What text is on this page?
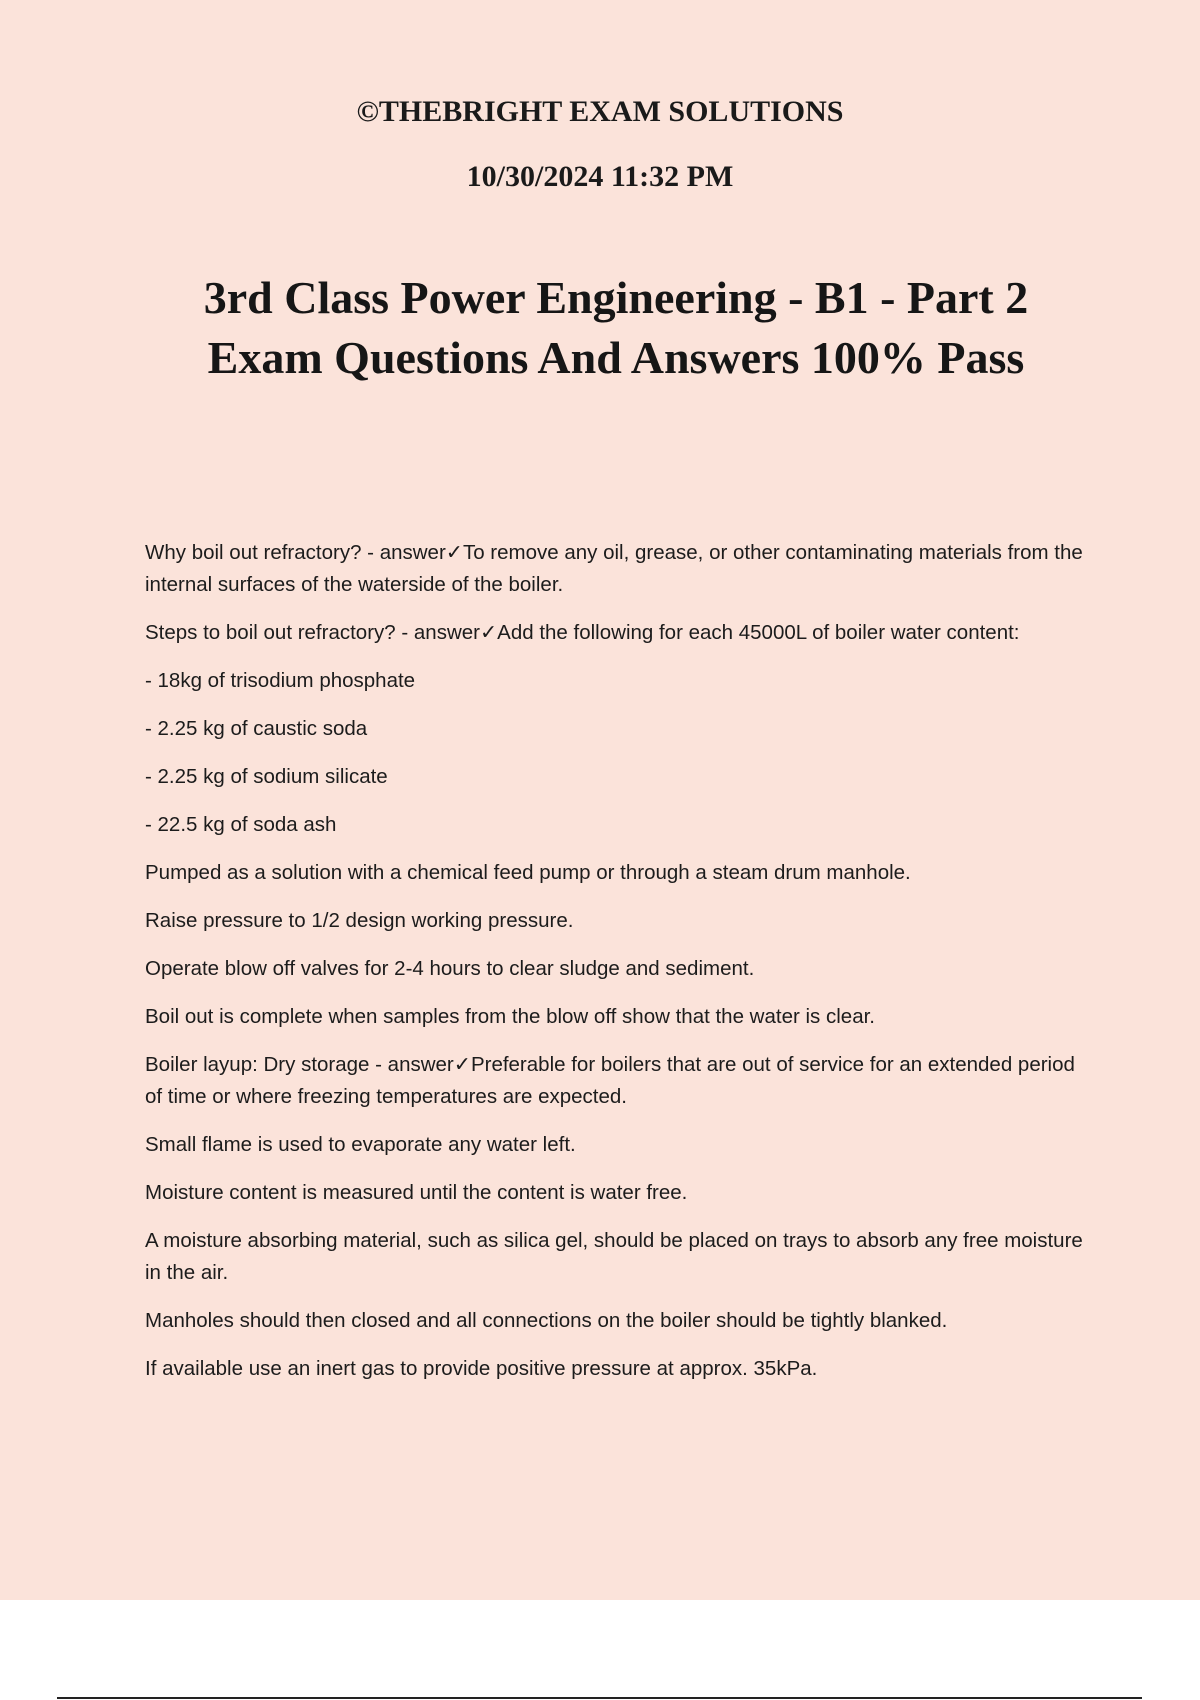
©THEBRIGHT EXAM SOLUTIONS
10/30/2024 11:32 PM
3rd Class Power Engineering - B1 - Part 2
Exam Questions And Answers 100% Pass

Why boil out refractory? - answer✓To remove any oil, grease, or other contaminating materials from the internal surfaces of the waterside of the boiler.

Steps to boil out refractory? - answer✓Add the following for each 45000L of boiler water content:

- 18kg of trisodium phosphate

- 2.25 kg of caustic soda

- 2.25 kg of sodium silicate

- 22.5 kg of soda ash

Pumped as a solution with a chemical feed pump or through a steam drum manhole.

Raise pressure to 1/2 design working pressure.

Operate blow off valves for 2-4 hours to clear sludge and sediment.

Boil out is complete when samples from the blow off show that the water is clear.

Boiler layup: Dry storage - answer✓Preferable for boilers that are out of service for an extended period of time or where freezing temperatures are expected.

Small flame is used to evaporate any water left.

Moisture content is measured until the content is water free.

A moisture absorbing material, such as silica gel, should be placed on trays to absorb any free moisture in the air.

Manholes should then closed and all connections on the boiler should be tightly blanked.

If available use an inert gas to provide positive pressure at approx. 35kPa.
